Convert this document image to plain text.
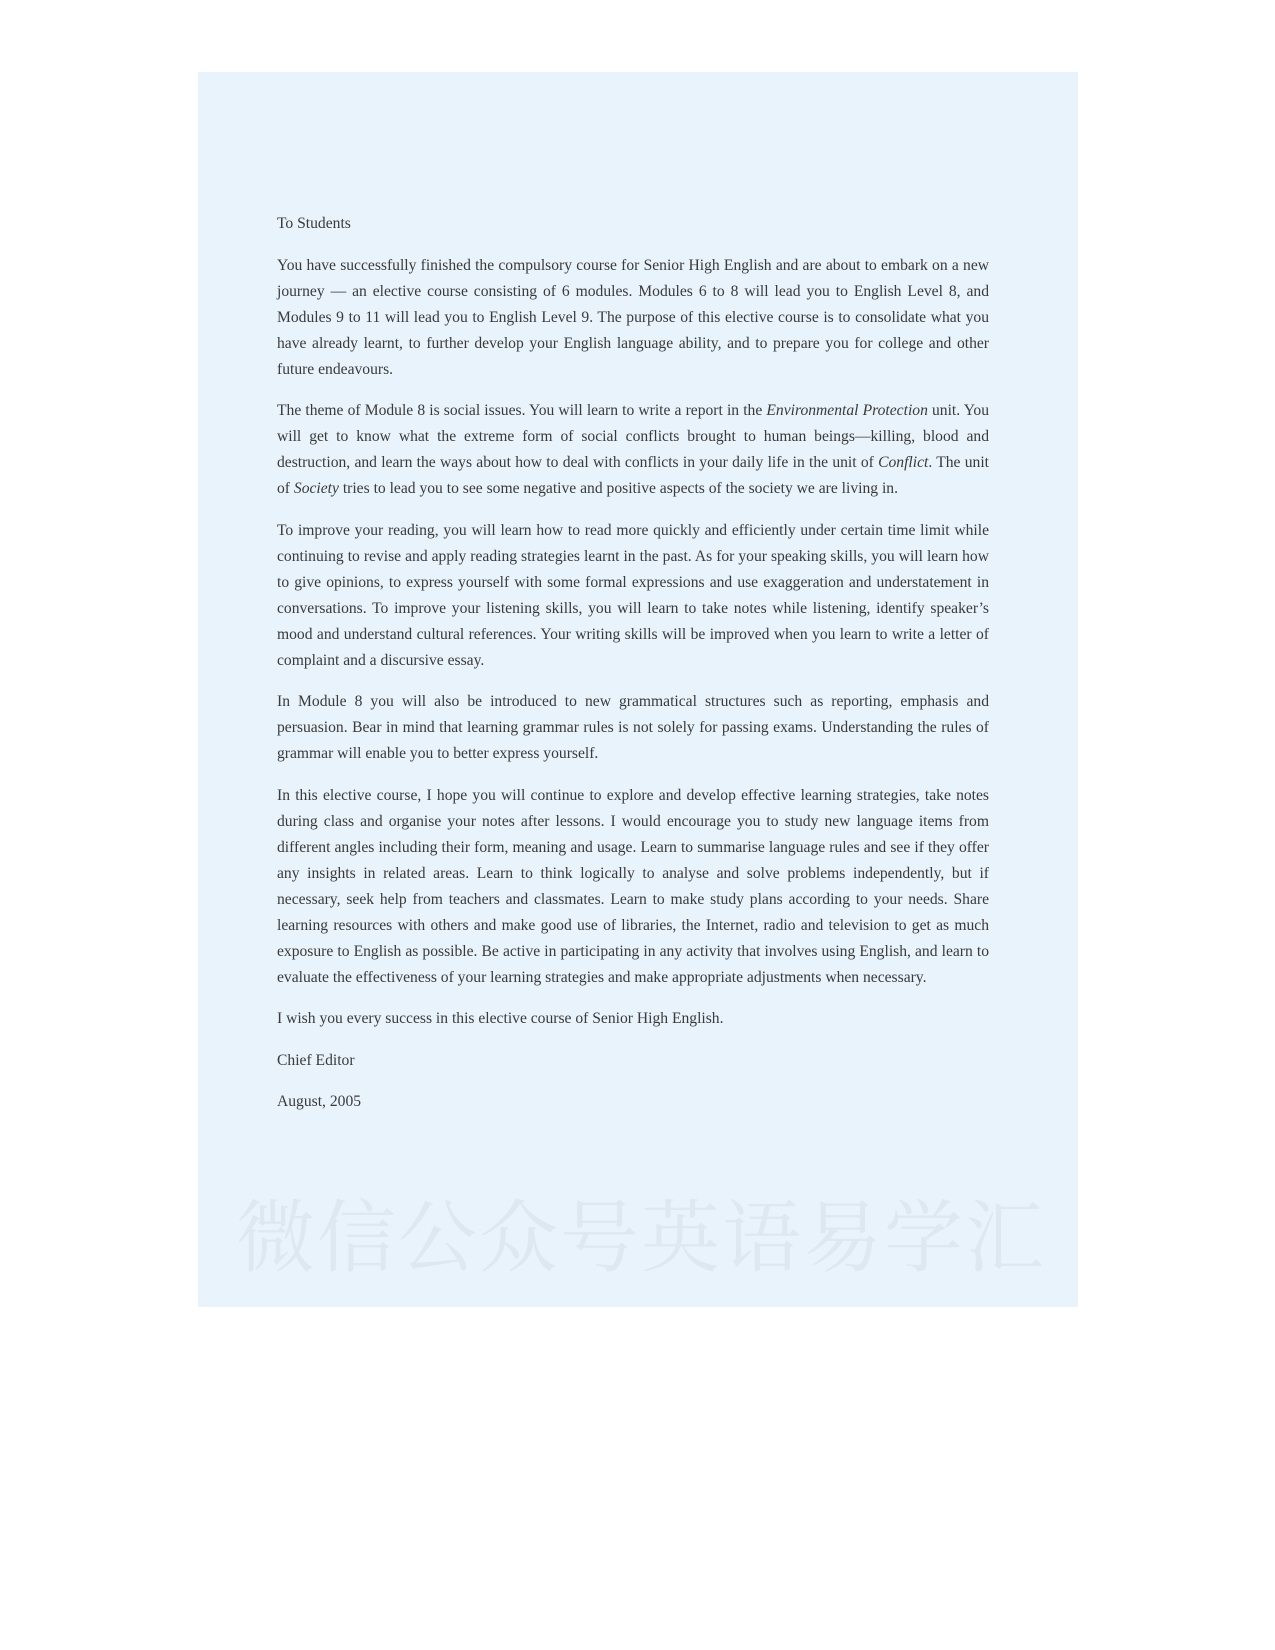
To Students

You have successfully finished the compulsory course for Senior High English and are about to embark on a new journey — an elective course consisting of 6 modules. Modules 6 to 8 will lead you to English Level 8, and Modules 9 to 11 will lead you to English Level 9. The purpose of this elective course is to consolidate what you have already learnt, to further develop your English language ability, and to prepare you for college and other future endeavours.

The theme of Module 8 is social issues. You will learn to write a report in the Environmental Protection unit. You will get to know what the extreme form of social conflicts brought to human beings—killing, blood and destruction, and learn the ways about how to deal with conflicts in your daily life in the unit of Conflict. The unit of Society tries to lead you to see some negative and positive aspects of the society we are living in.

To improve your reading, you will learn how to read more quickly and efficiently under certain time limit while continuing to revise and apply reading strategies learnt in the past. As for your speaking skills, you will learn how to give opinions, to express yourself with some formal expressions and use exaggeration and understatement in conversations. To improve your listening skills, you will learn to take notes while listening, identify speaker’s mood and understand cultural references. Your writing skills will be improved when you learn to write a letter of complaint and a discursive essay.

In Module 8 you will also be introduced to new grammatical structures such as reporting, emphasis and persuasion. Bear in mind that learning grammar rules is not solely for passing exams. Understanding the rules of grammar will enable you to better express yourself.

In this elective course, I hope you will continue to explore and develop effective learning strategies, take notes during class and organise your notes after lessons. I would encourage you to study new language items from different angles including their form, meaning and usage. Learn to summarise language rules and see if they offer any insights in related areas. Learn to think logically to analyse and solve problems independently, but if necessary, seek help from teachers and classmates. Learn to make study plans according to your needs. Share learning resources with others and make good use of libraries, the Internet, radio and television to get as much exposure to English as possible. Be active in participating in any activity that involves using English, and learn to evaluate the effectiveness of your learning strategies and make appropriate adjustments when necessary.

I wish you every success in this elective course of Senior High English.

Chief Editor

August, 2005

微信公众号英语易学汇
